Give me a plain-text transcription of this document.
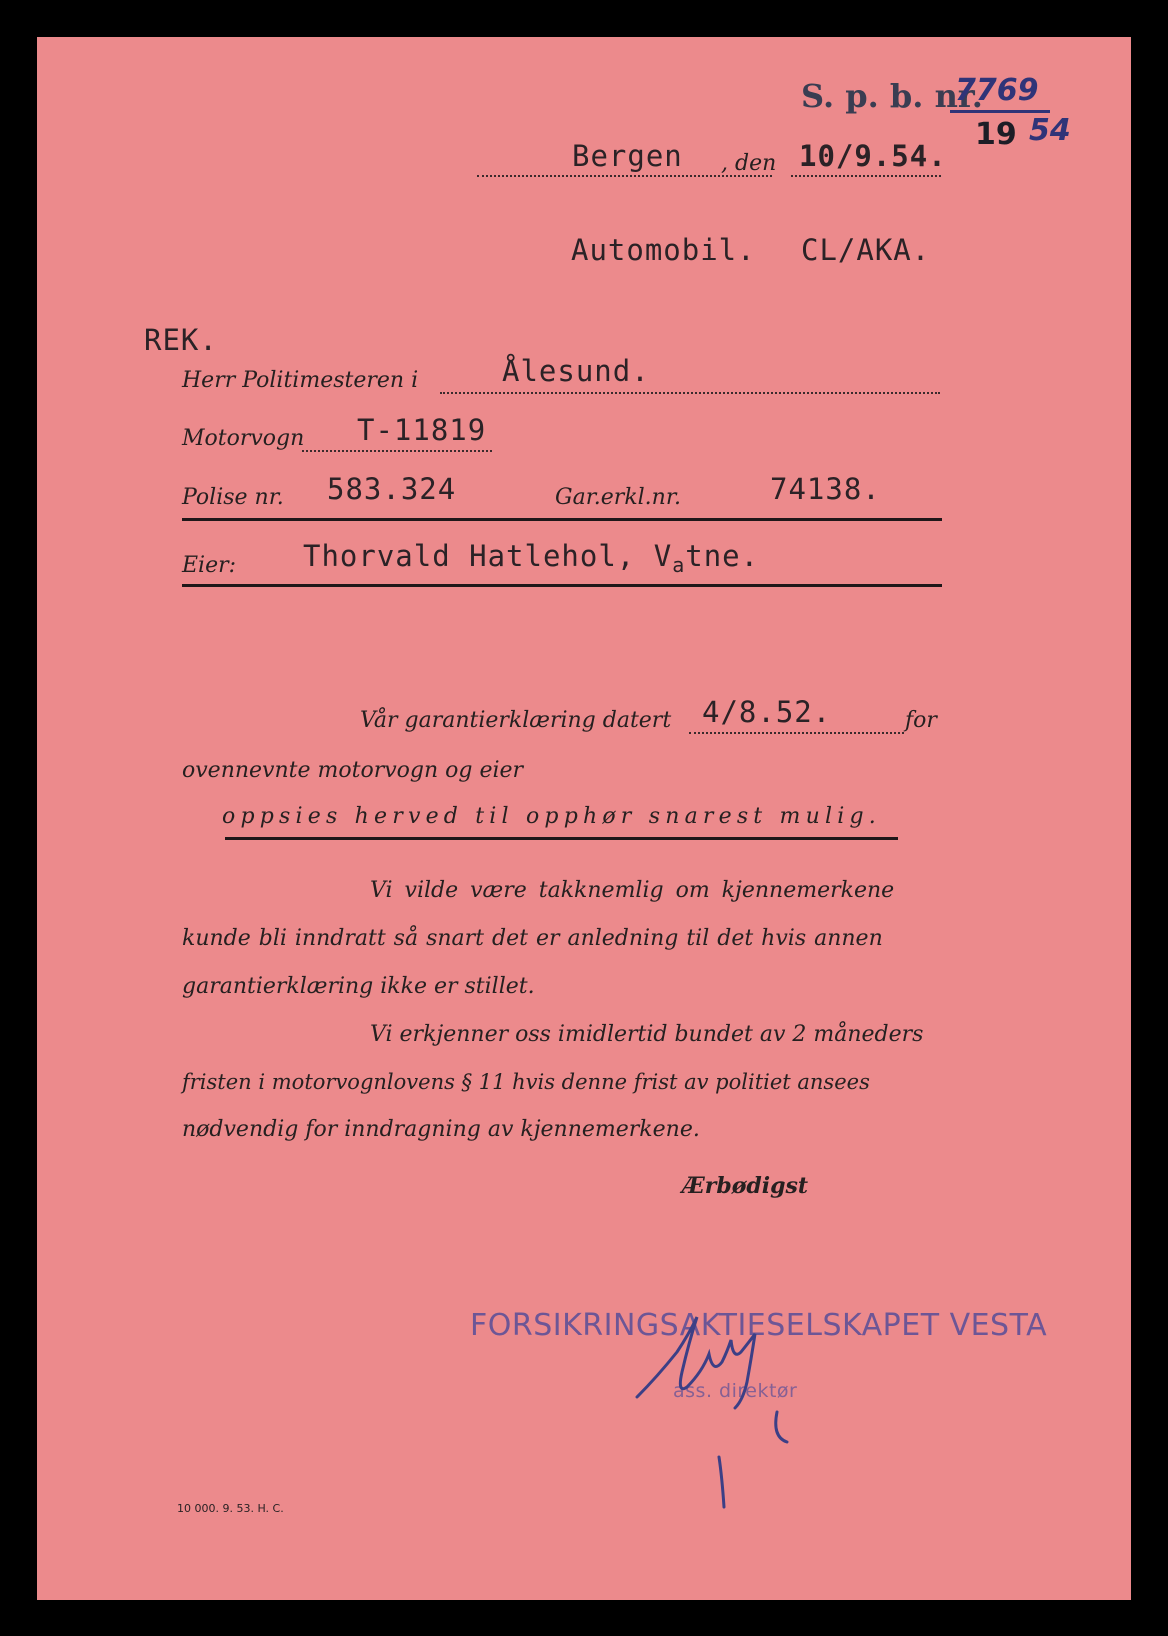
S. p. b. nr.
7769
19 54
Bergen , den 10/9.54.
Automobil. CL/AKA.
REK.
Herr Politimesteren i	Ålesund.
Motorvogn T-11819
Polise nr. 583.324	Gar.erkl.nr.	74138.
Eier: Thorvald Hatlehol, $V_atne$.
Vår garantierklæring datert 4/8.52.	for
ovennevnte motorvogn og eier
oppsies herved til opphør snarest mulig.
Vi vilde være takknemlig om kjennemerkene
kunde bli inndratt så snart det er anledning til det hvis annen
garantierklæring ikke er stillet.
Vi erkjenner oss imidlertid bundet av 2 måneders
fristen i motorvognlovens § 11 hvis denne frist av politiet ansees
nødvendig for inndragning av kjennemerkene.
Ærbødigst
FORSIKRINGSAKTIESELSKAPET VESTA
ass. direktør
10 000. 9. 53. H. C.
